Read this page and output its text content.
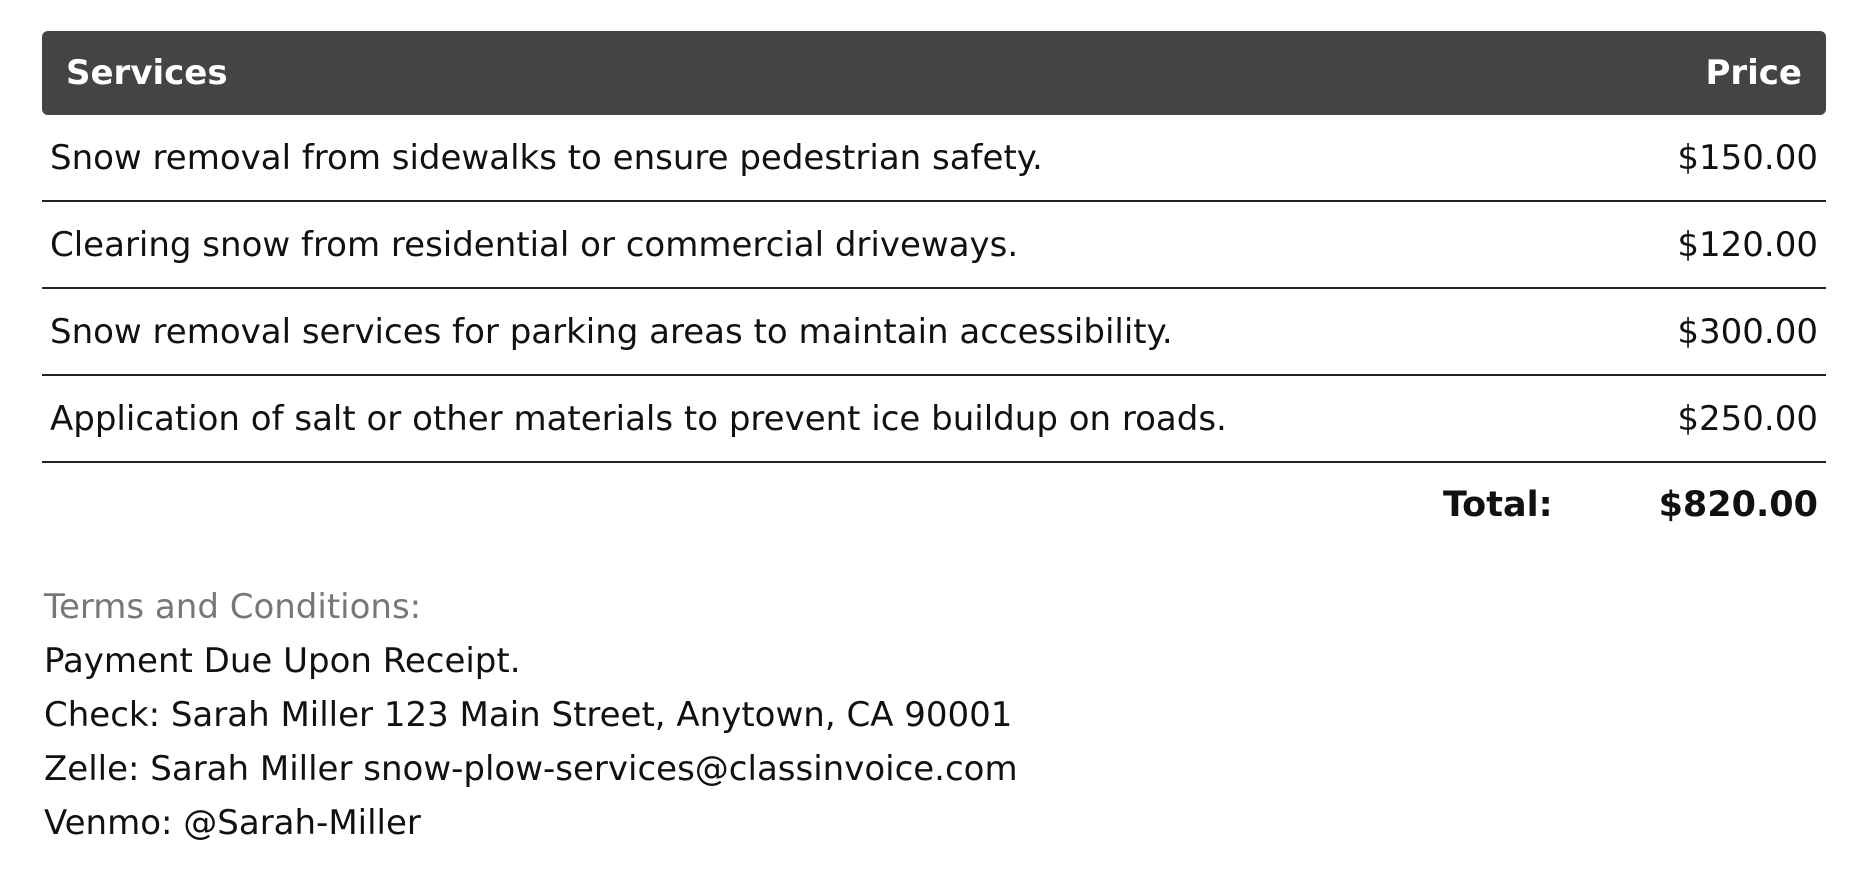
Services	Price
Snow removal from sidewalks to ensure pedestrian safety.	$150.00
Clearing snow from residential or commercial driveways.	$120.00
Snow removal services for parking areas to maintain accessibility.	$300.00
Application of salt or other materials to prevent ice buildup on roads.	$250.00
Total:	$820.00
Terms and Conditions:
Payment Due Upon Receipt.
Check: Sarah Miller 123 Main Street, Anytown, CA 90001
Zelle: Sarah Miller snow-plow-services@classinvoice.com
Venmo: @Sarah-Miller
